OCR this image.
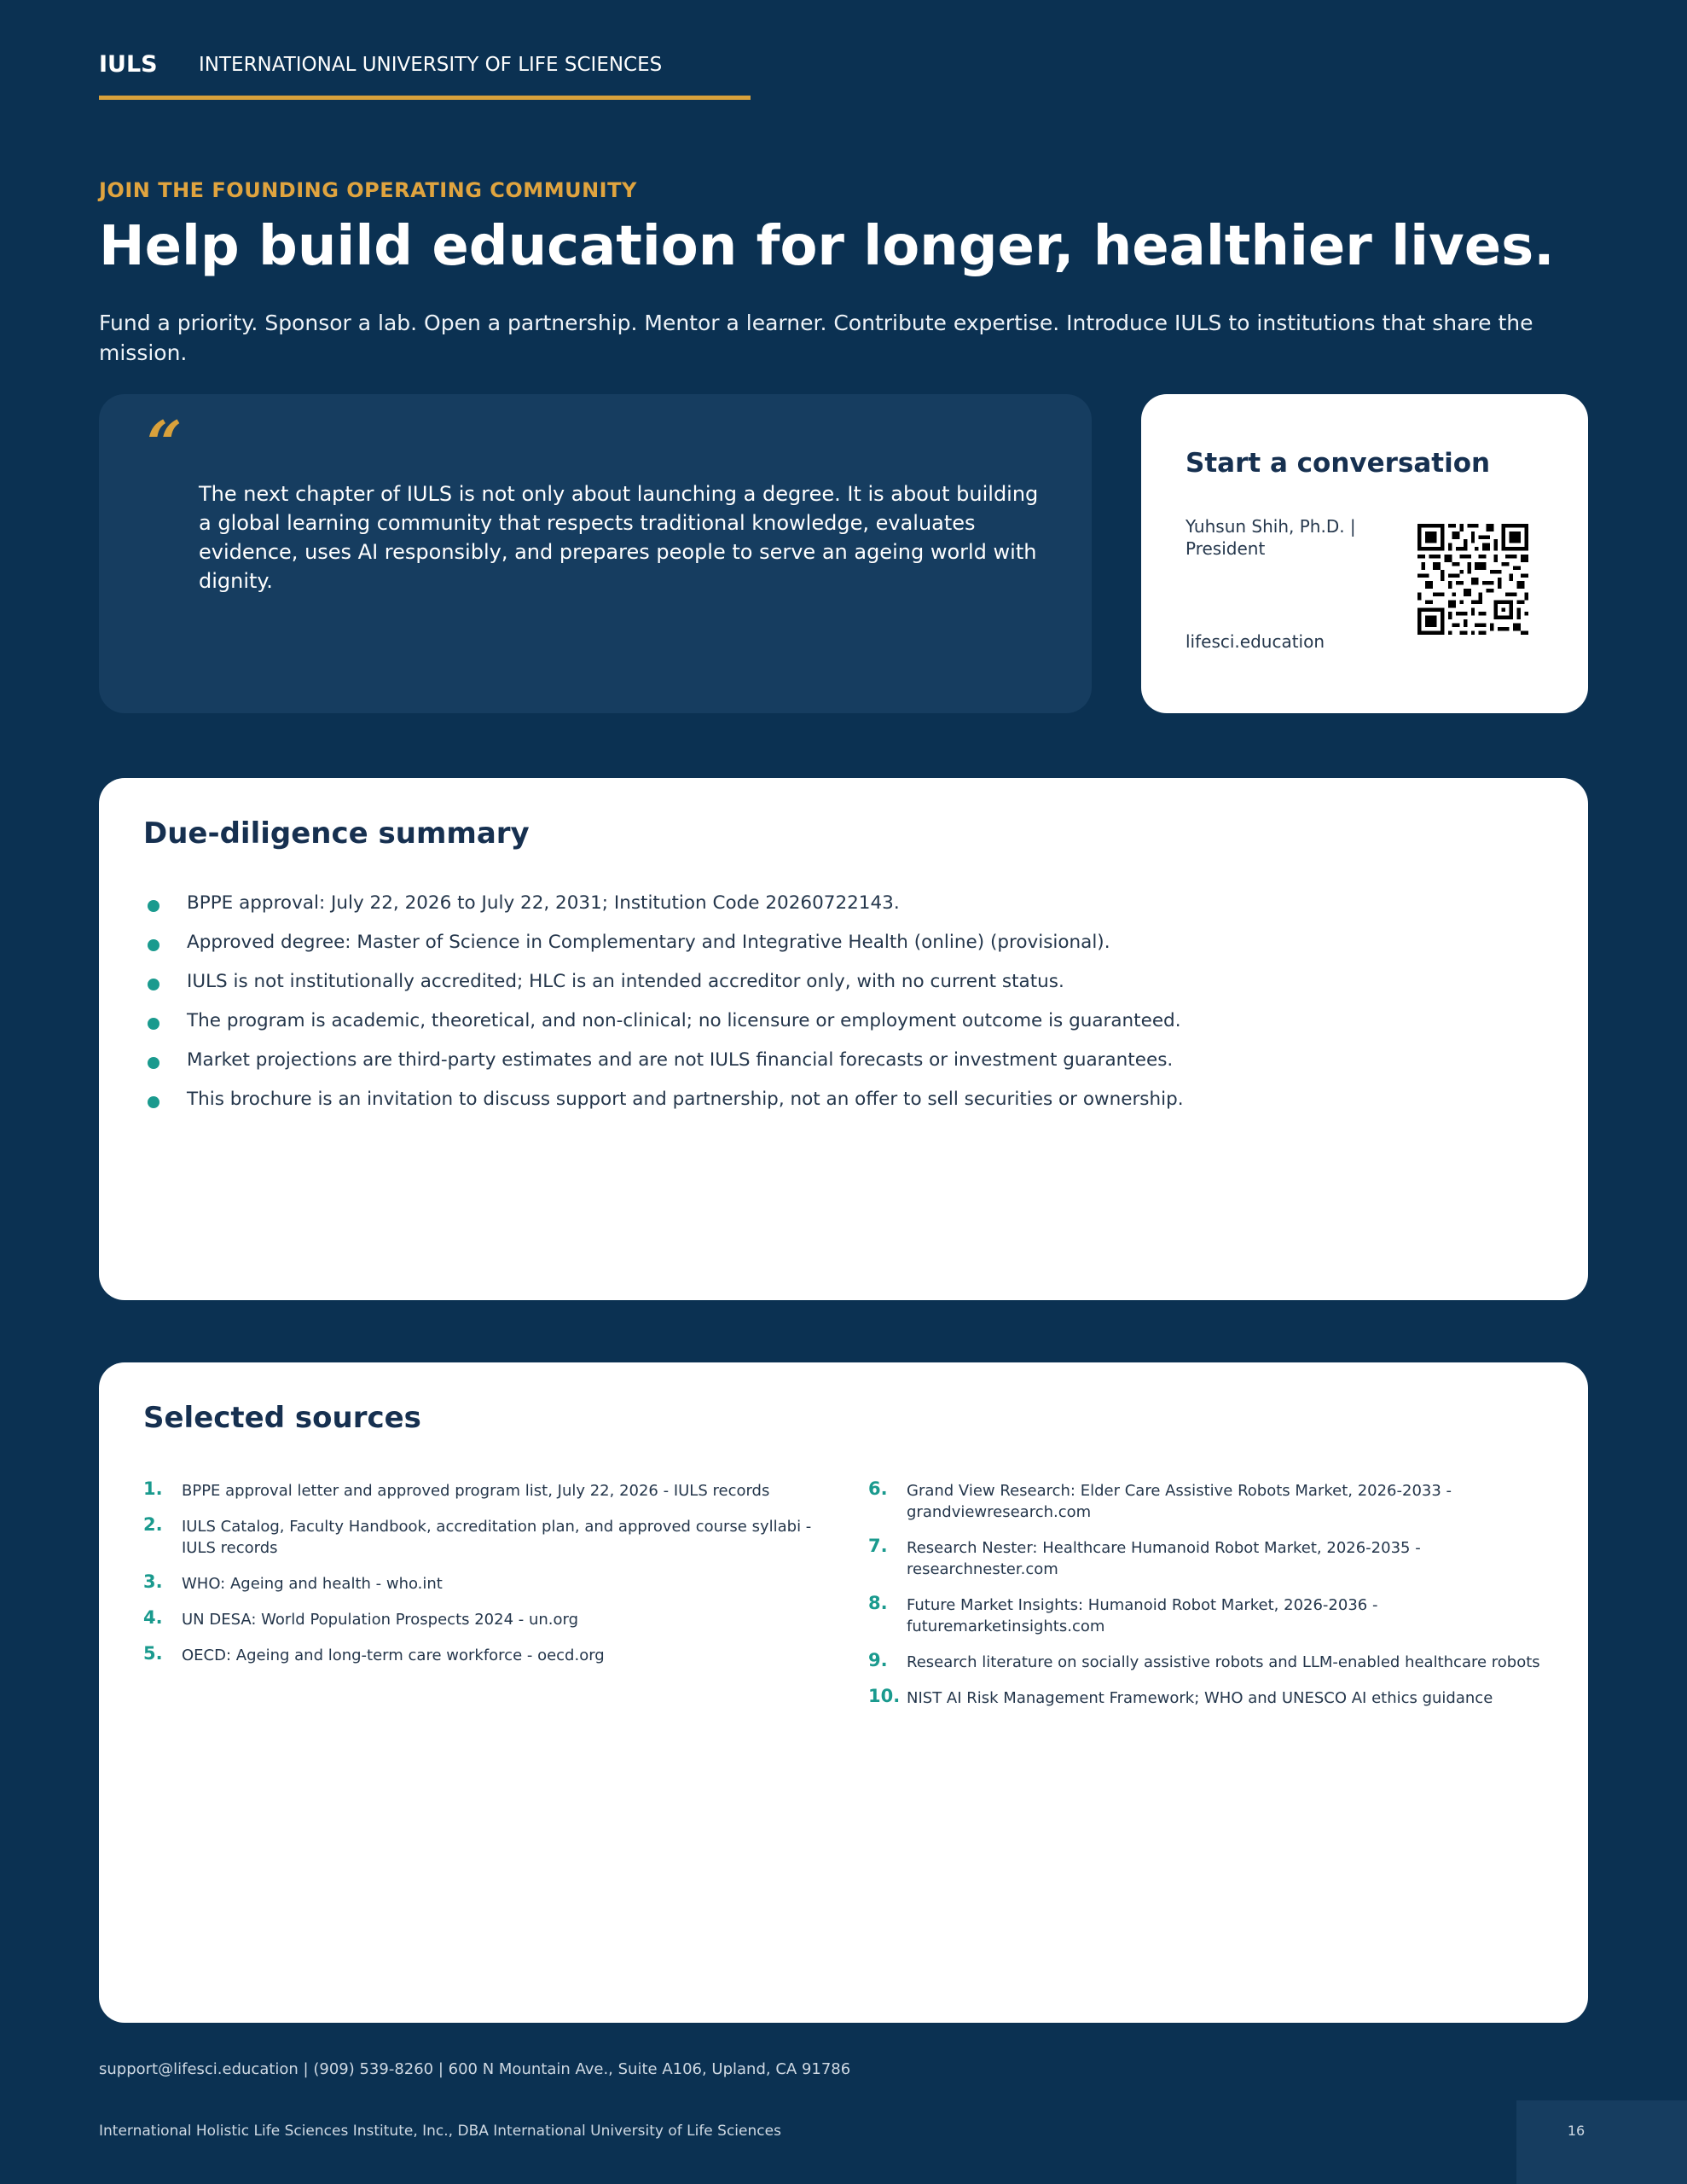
IULS INTERNATIONAL UNIVERSITY OF LIFE SCIENCES
JOIN THE FOUNDING OPERATING COMMUNITY
Help build education for longer, healthier lives.
Fund a priority. Sponsor a lab. Open a partnership. Mentor a learner. Contribute expertise. Introduce IULS to institutions that share the mission.
“
The next chapter of IULS is not only about launching a degree. It is about building a global learning community that respects traditional knowledge, evaluates evidence, uses AI responsibly, and prepares people to serve an ageing world with dignity.
Start a conversation
Yuhsun Shih, Ph.D. | President
lifesci.education
Due-diligence summary
BPPE approval: July 22, 2026 to July 22, 2031; Institution Code 20260722143.
Approved degree: Master of Science in Complementary and Integrative Health (online) (provisional).
IULS is not institutionally accredited; HLC is an intended accreditor only, with no current status.
The program is academic, theoretical, and non-clinical; no licensure or employment outcome is guaranteed.
Market projections are third-party estimates and are not IULS financial forecasts or investment guarantees.
This brochure is an invitation to discuss support and partnership, not an offer to sell securities or ownership.
Selected sources
1. BPPE approval letter and approved program list, July 22, 2026 - IULS records
2. IULS Catalog, Faculty Handbook, accreditation plan, and approved course syllabi - IULS records
3. WHO: Ageing and health - who.int
4. UN DESA: World Population Prospects 2024 - un.org
5. OECD: Ageing and long-term care workforce - oecd.org
6. Grand View Research: Elder Care Assistive Robots Market, 2026-2033 - grandviewresearch.com
7. Research Nester: Healthcare Humanoid Robot Market, 2026-2035 - researchnester.com
8. Future Market Insights: Humanoid Robot Market, 2026-2036 - futuremarketinsights.com
9. Research literature on socially assistive robots and LLM-enabled healthcare robots
10. NIST AI Risk Management Framework; WHO and UNESCO AI ethics guidance
support@lifesci.education | (909) 539-8260 | 600 N Mountain Ave., Suite A106, Upland, CA 91786
International Holistic Life Sciences Institute, Inc., DBA International University of Life Sciences	16
